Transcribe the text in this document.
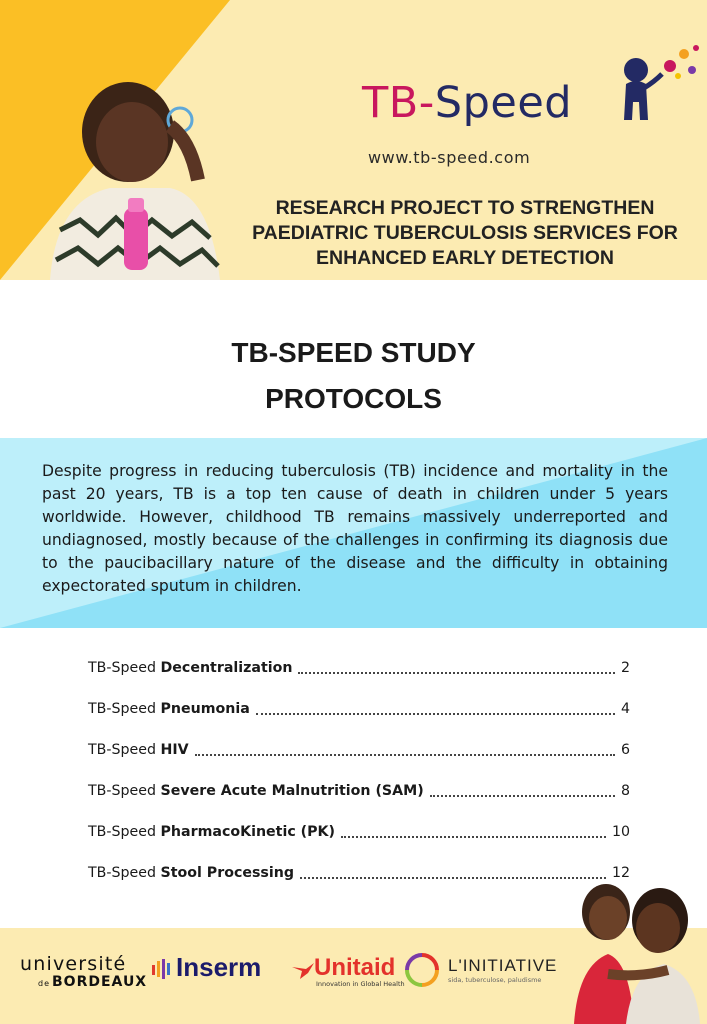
TB-Speed
www.tb-speed.com
RESEARCH PROJECT TO STRENGTHEN PAEDIATRIC TUBERCULOSIS SERVICES FOR ENHANCED EARLY DETECTION
TB-SPEED STUDY
PROTOCOLS

Despite progress in reducing tuberculosis (TB) incidence and mortality in the past 20 years, TB is a top ten cause of death in children under 5 years worldwide. However, childhood TB remains massively underreported and undiagnosed, mostly because of the challenges in confirming its diagnosis due to the paucibacillary nature of the disease and the difficulty in obtaining expectorated sputum in children.

TB-Speed Decentralization	2
TB-Speed Pneumonia	4
TB-Speed HIV	6
TB-Speed Severe Acute Malnutrition (SAM)	8
TB-Speed PharmacoKinetic (PK)	10
TB-Speed Stool Processing	12
université
de BORDEAUX	Inserm	Unitaid
Innovation in Global Health
L'INITIATIVE
sida, tuberculose, paludisme
